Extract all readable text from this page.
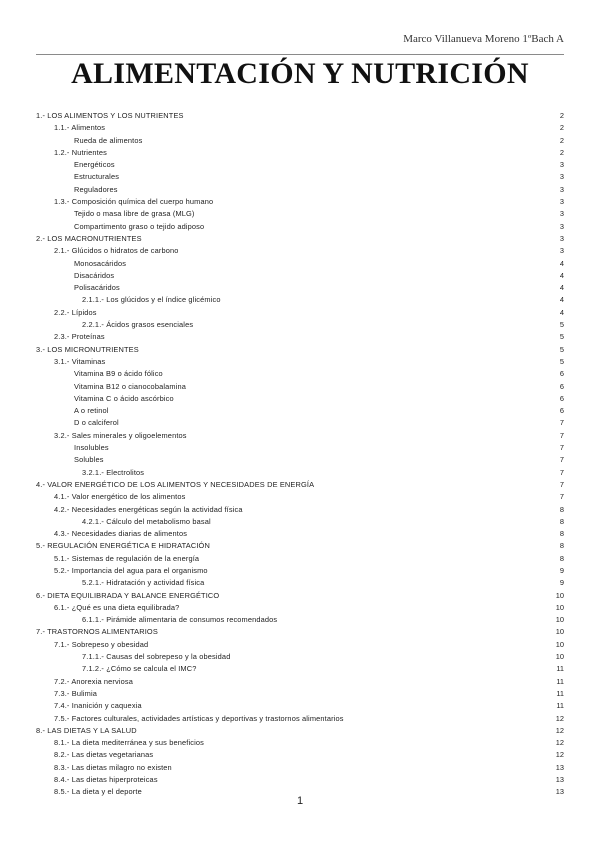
Marco Villanueva Moreno 1ºBach A
ALIMENTACIÓN Y NUTRICIÓN
1.- LOS ALIMENTOS Y LOS NUTRIENTES	2
1.1.- Alimentos	2
Rueda de alimentos	2
1.2.- Nutrientes	2
Energéticos	3
Estructurales	3
Reguladores	3
1.3.- Composición química del cuerpo humano	3
Tejido o masa libre de grasa (MLG)	3
Compartimento graso o tejido adiposo	3
2.- LOS MACRONUTRIENTES	3
2.1.- Glúcidos o hidratos de carbono	3
Monosacáridos	4
Disacáridos	4
Polisacáridos	4
2.1.1.- Los glúcidos y el índice glicémico	4
2.2.- Lípidos	4
2.2.1.- Ácidos grasos esenciales	5
2.3.- Proteínas	5
3.- LOS MICRONUTRIENTES	5
3.1.- Vitaminas	5
Vitamina B9 o ácido fólico	6
Vitamina B12 o cianocobalamina	6
Vitamina C o ácido ascórbico	6
A o retinol	6
D o calciferol	7
3.2.- Sales minerales y oligoelementos	7
Insolubles	7
Solubles	7
3.2.1.- Electrolitos	7
4.- VALOR ENERGÉTICO DE LOS ALIMENTOS Y NECESIDADES DE ENERGÍA	7
4.1.- Valor energético de los alimentos	7
4.2.- Necesidades energéticas según la actividad física	8
4.2.1.- Cálculo del metabolismo basal	8
4.3.- Necesidades diarias de alimentos	8
5.- REGULACIÓN ENERGÉTICA E HIDRATACIÓN	8
5.1.- Sistemas de regulación de la energía	8
5.2.- Importancia del agua para el organismo	9
5.2.1.- Hidratación y actividad física	9
6.- DIETA EQUILIBRADA Y BALANCE ENERGÉTICO	10
6.1.- ¿Qué es una dieta equilibrada?	10
6.1.1.- Pirámide alimentaria de consumos recomendados	10
7.- TRASTORNOS ALIMENTARIOS	10
7.1.- Sobrepeso y obesidad	10
7.1.1.- Causas del sobrepeso y la obesidad	10
7.1.2.- ¿Cómo se calcula el IMC?	11
7.2.- Anorexia nerviosa	11
7.3.- Bulimia	11
7.4.- Inanición y caquexia	11
7.5.- Factores culturales, actividades artísticas y deportivas y trastornos alimentarios	12
8.- LAS DIETAS Y LA SALUD	12
8.1.- La dieta mediterránea y sus beneficios	12
8.2.- Las dietas vegetarianas	12
8.3.- Las dietas milagro no existen	13
8.4.- Las dietas hiperproteicas	13
8.5.- La dieta y el deporte	13
1
